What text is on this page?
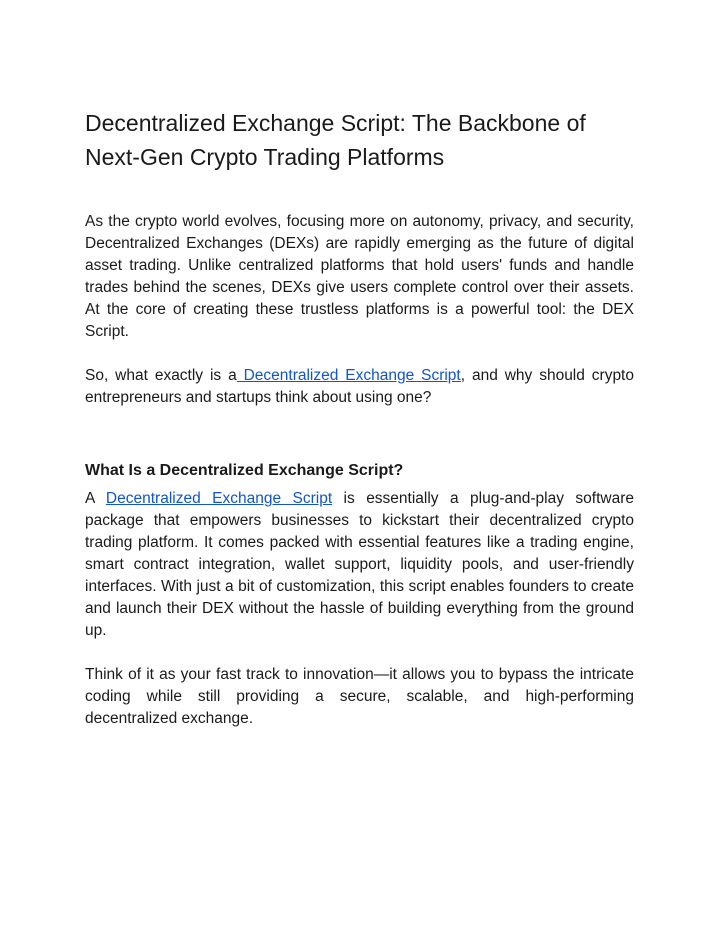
Decentralized Exchange Script: The Backbone of Next-Gen Crypto Trading Platforms

As the crypto world evolves, focusing more on autonomy, privacy, and security, Decentralized Exchanges (DEXs) are rapidly emerging as the future of digital asset trading. Unlike centralized platforms that hold users' funds and handle trades behind the scenes, DEXs give users complete control over their assets. At the core of creating these trustless platforms is a powerful tool: the DEX Script.

So, what exactly is a Decentralized Exchange Script, and why should crypto entrepreneurs and startups think about using one?

What Is a Decentralized Exchange Script?

A Decentralized Exchange Script is essentially a plug-and-play software package that empowers businesses to kickstart their decentralized crypto trading platform. It comes packed with essential features like a trading engine, smart contract integration, wallet support, liquidity pools, and user-friendly interfaces. With just a bit of customization, this script enables founders to create and launch their DEX without the hassle of building everything from the ground up.

Think of it as your fast track to innovation—it allows you to bypass the intricate coding while still providing a secure, scalable, and high-performing decentralized exchange.
